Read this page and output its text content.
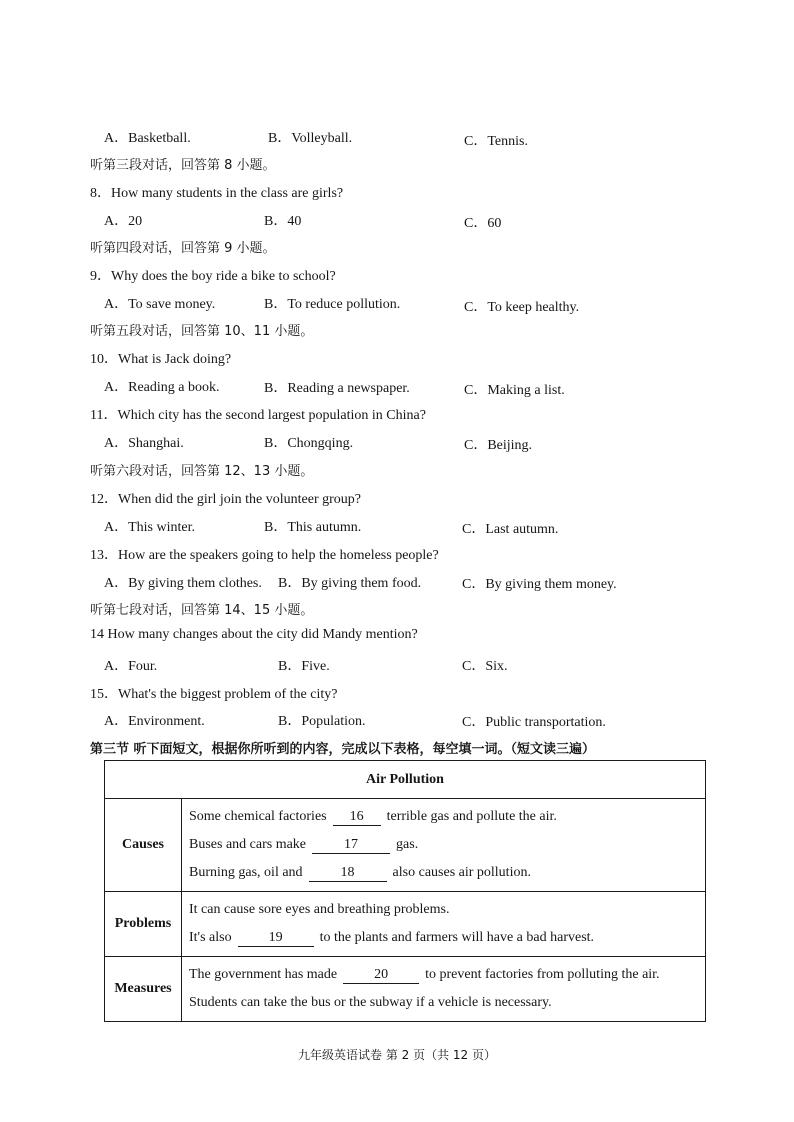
A．Basketball.	B．Volleyball.	C．Tennis.
听第三段对话，回答第 8 小题。
8．How many students in the class are girls?
A．20	B．40	C．60
听第四段对话，回答第 9 小题。
9．Why does the boy ride a bike to school?
A．To save money.	B．To reduce pollution.	C．To keep healthy.
听第五段对话，回答第 10、11 小题。
10．What is Jack doing?
A．Reading a book.	B．Reading a newspaper.	C．Making a list.
11．Which city has the second largest population in China?
A．Shanghai.	B．Chongqing.	C．Beijing.
听第六段对话，回答第 12、13 小题。
12．When did the girl join the volunteer group?
A．This winter.	B．This autumn.	C．Last autumn.
13．How are the speakers going to help the homeless people?
A．By giving them clothes. B．By giving them food.	C．By giving them money.
听第七段对话，回答第 14、15 小题。
14 How many changes about the city did Mandy mention?
A．Four.	B．Five.	C．Six.
15．What's the biggest problem of the city?
A．Environment.	B．Population.	C．Public transportation.
第三节 听下面短文，根据你所听到的内容，完成以下表格，每空填一词。（短文读三遍）
Air Pollution	
Causes	Some chemical factories 16 terrible gas and pollute the air.
Buses and cars make 17 gas.
Burning gas, oil and 18 also causes air pollution.

Problems	It can cause sore eyes and breathing problems.
It's also 19 to the plants and farmers will have a bad harvest.

Measures	The government has made 20 to prevent factories from polluting the air.
Students can take the bus or the subway if a vehicle is necessary.
九年级英语试卷 第 2 页（共 12 页）
